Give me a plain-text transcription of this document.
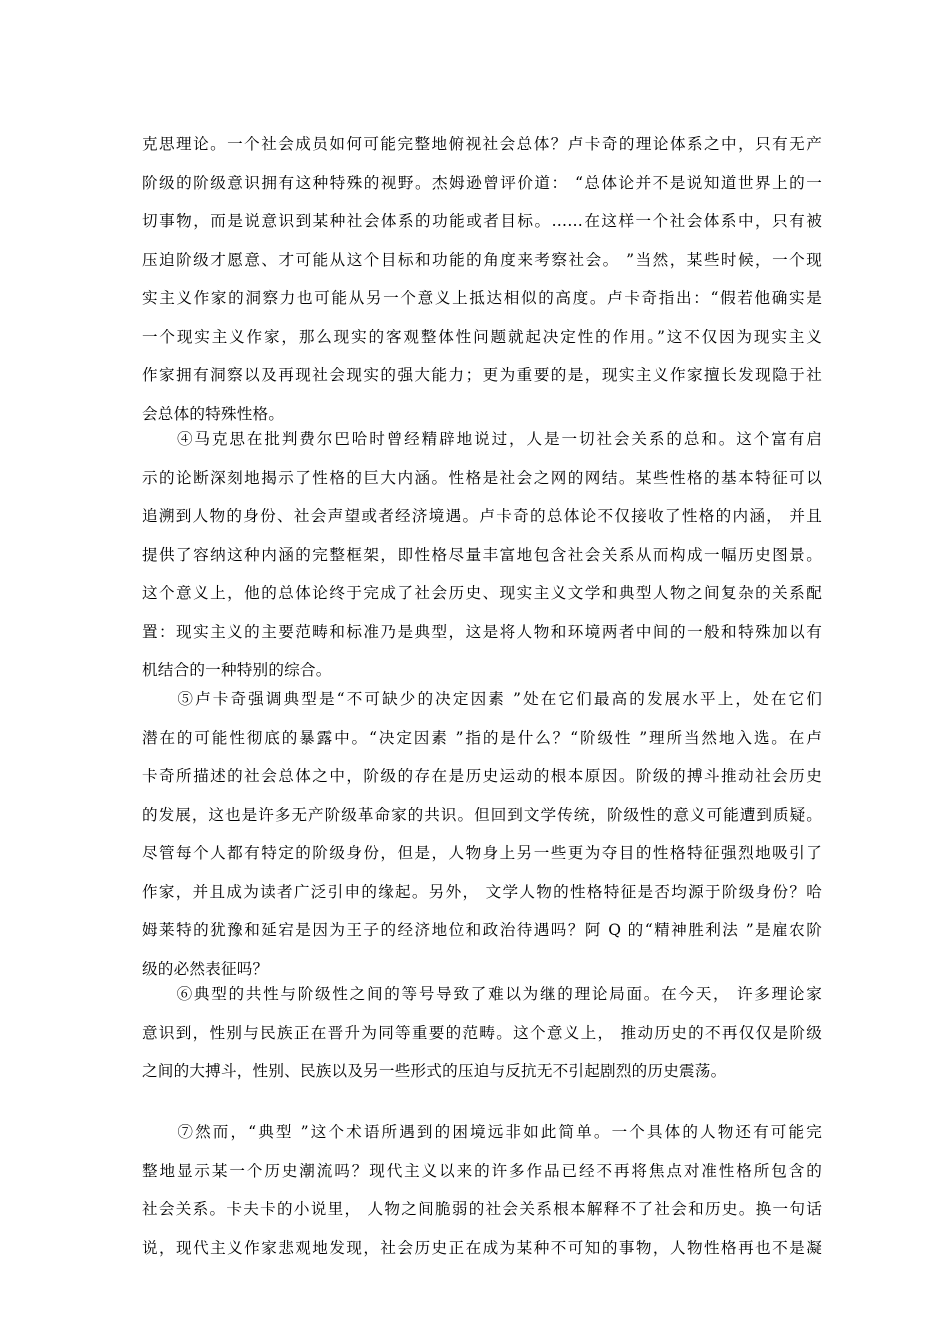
克思理论。一个社会成员如何可能完整地俯视社会总体？卢卡奇的理论体系之中，只有无产
阶级的阶级意识拥有这种特殊的视野。杰姆逊曾评价道： “总体论并不是说知道世界上的一
切事物，而是说意识到某种社会体系的功能或者目标。……在这样一个社会体系中，只有被
压迫阶级才愿意、才可能从这个目标和功能的角度来考察社会。 ”当然，某些时候，一个现
实主义作家的洞察力也可能从另一个意义上抵达相似的高度。卢卡奇指出：“假若他确实是
一个现实主义作家，那么现实的客观整体性问题就起决定性的作用。”这不仅因为现实主义
作家拥有洞察以及再现社会现实的强大能力；更为重要的是，现实主义作家擅长发现隐于社
会总体的特殊性格。
　　④马克思在批判费尔巴哈时曾经精辟地说过，人是一切社会关系的总和。这个富有启
示的论断深刻地揭示了性格的巨大内涵。性格是社会之网的网结。某些性格的基本特征可以
追溯到人物的身份、社会声望或者经济境遇。卢卡奇的总体论不仅接收了性格的内涵， 并且
提供了容纳这种内涵的完整框架，即性格尽量丰富地包含社会关系从而构成一幅历史图景。
这个意义上，他的总体论终于完成了社会历史、现实主义文学和典型人物之间复杂的关系配
置：现实主义的主要范畴和标准乃是典型，这是将人物和环境两者中间的一般和特殊加以有
机结合的一种特别的综合。
　　⑤卢卡奇强调典型是“不可缺少的决定因素 ”处在它们最高的发展水平上，处在它们
潜在的可能性彻底的暴露中。“决定因素 ”指的是什么？“阶级性 ”理所当然地入选。在卢
卡奇所描述的社会总体之中，阶级的存在是历史运动的根本原因。阶级的搏斗推动社会历史
的发展，这也是许多无产阶级革命家的共识。但回到文学传统，阶级性的意义可能遭到质疑。
尽管每个人都有特定的阶级身份，但是，人物身上另一些更为夺目的性格特征强烈地吸引了
作家，并且成为读者广泛引申的缘起。另外， 文学人物的性格特征是否均源于阶级身份？哈
姆莱特的犹豫和延宕是因为王子的经济地位和政治待遇吗？阿 Q 的“精神胜利法 ”是雇农阶
级的必然表征吗？
　　⑥典型的共性与阶级性之间的等号导致了难以为继的理论局面。在今天， 许多理论家
意识到，性别与民族正在晋升为同等重要的范畴。这个意义上， 推动历史的不再仅仅是阶级
之间的大搏斗，性别、民族以及另一些形式的压迫与反抗无不引起剧烈的历史震荡。
　　⑦然而，“典型 ”这个术语所遇到的困境远非如此简单。一个具体的人物还有可能完
整地显示某一个历史潮流吗？现代主义以来的许多作品已经不再将焦点对准性格所包含的
社会关系。卡夫卡的小说里， 人物之间脆弱的社会关系根本解释不了社会和历史。换一句话
说，现代主义作家悲观地发现，社会历史正在成为某种不可知的事物，人物性格再也不是凝
